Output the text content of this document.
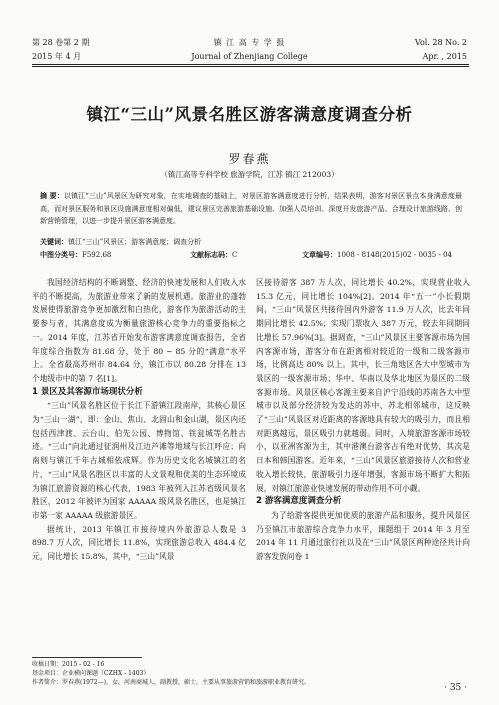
第 28 卷第 2 期
2015 年 4 月
镇 江 高 专 学 报
Journal of Zhenjiang College
Vol. 28 No. 2
Apr. , 2015
镇江“三山”风景名胜区游客满意度调查分析
罗春燕
（镇江高等专科学校 旅游学院，江苏 镇江 212003）
摘 要：以镇江“三山”风景区为研究对象，在实地调查的基础上，对景区游客满意度进行分析，结果表明，游客对景区景点本身满意度最高，而对景区服务和景区设施满意度相对偏低，建议景区完善旅游基础设施、加强人员培训、深度开发旅游产品、合理设计旅游线路、创新营销管理，以进一步提升景区游客满意度。
关键词：镇江“三山”风景区；游客满意度；调查分析
中图分类号：F592.68	文献标志码：C	文章编号：1008 - 8148(2015)02 - 0035 - 04

我国经济结构的不断调整、经济的快速发展和人们收入水平的不断提高，为旅游业带来了新的发展机遇。旅游业的蓬勃发展使得旅游竞争更加激烈和白热化，游客作为旅游活动的主要参与者，其满意度成为衡量旅游核心竞争力的重要指标之一。2014 年度，江苏省开始发布游客满意度调查报告，全省年度综合指数为 81.68 分，处于 80 ~ 85 分的“满意”水平上。全省最高苏州市 84.64 分，镇江市以 80.28 分排在 13 个地级市中的第 7 名[1]。

1 景区及其客源市场现状分析

“三山”风景名胜区位于长江下游镇江段南岸，其核心景区为“三山一湖”，即：金山、焦山、北固山和金山湖，景区内还包括西津渡、云台山、伯先公园、博物馆、铁瓮城等名胜古迹。“三山”向北通过征润州及江边芦滩等地域与长江呼应；向南则与镇江千年古城相依成辉。作为历史文化名城镇江的名片，“三山”风景名胜区以丰富的人文景观和优美的生态环境成为镇江旅游资源的核心代表，1983 年被列入江苏省级风景名胜区，2012 年被评为国家 AAAAA 级风景名胜区，也是镇江市第一家 AAAAA 级旅游景区。

据统计，2013 年镇江市接待境内外旅游总人数是 3 898.7 万人次，同比增长 11.8%，实现旅游总收入 484.4 亿元，同比增长 15.8%，其中，“三山”风景

区接待游客 387 万人次，同比增长 40.2%，实现营业收入 15.3 亿元，同比增长 104%[2]。2014 年“五一”小长假期间，“三山”风景区共接待国内外游客 11.9 万人次，比去年同期同比增长 42.5%；实现门票收入 387 万元，较去年同期同比增长 57.96%[3]。据调查，“三山”风景区主要客源市场为国内客源市场，游客分布在距离相对较近的一级和二级客源市场，比例高达 80% 以上。其中，长三角地区各大中型城市为景区的一级客源市场；华中、华南以及华北地区为景区的二级客源市场。风景区核心客源主要来自沪宁沿线的苏南各大中型城市以及部分经济较为发达的苏中、苏北相邻城市，这反映了“三山”风景区对近距离的客源地具有较大的吸引力，而且相对距离越远，景区吸引力就越弱。同时，入境旅游客源市场较小，以亚洲客源为主，其中港澳台游客占有绝对优势，其次是日本和韩国游客。近年来，“三山”风景区旅游接待人次和营业收入增长较快，旅游吸引力逐年增强，客源市场不断扩大和拓展，对镇江旅游业快速发展的带动作用不可小觑。

2 游客满意度调查分析

为了给游客提供更加优质的旅游产品和服务，提升风景区乃至镇江市旅游综合竞争力水平，课题组于 2014 年 3 月至 2014 年 11 月通过旅行社以及在“三山”风景区两种途径共计向游客发放问卷 1

收稿日期：2015 - 02 - 16
基金项目：企业横向课题（CZHX - 1403）
作者简介：罗春燕(1972—)，女，河南商城人，副教授，硕士，主要从事旅游营销和旅游职业教育研究。
· 35 ·
